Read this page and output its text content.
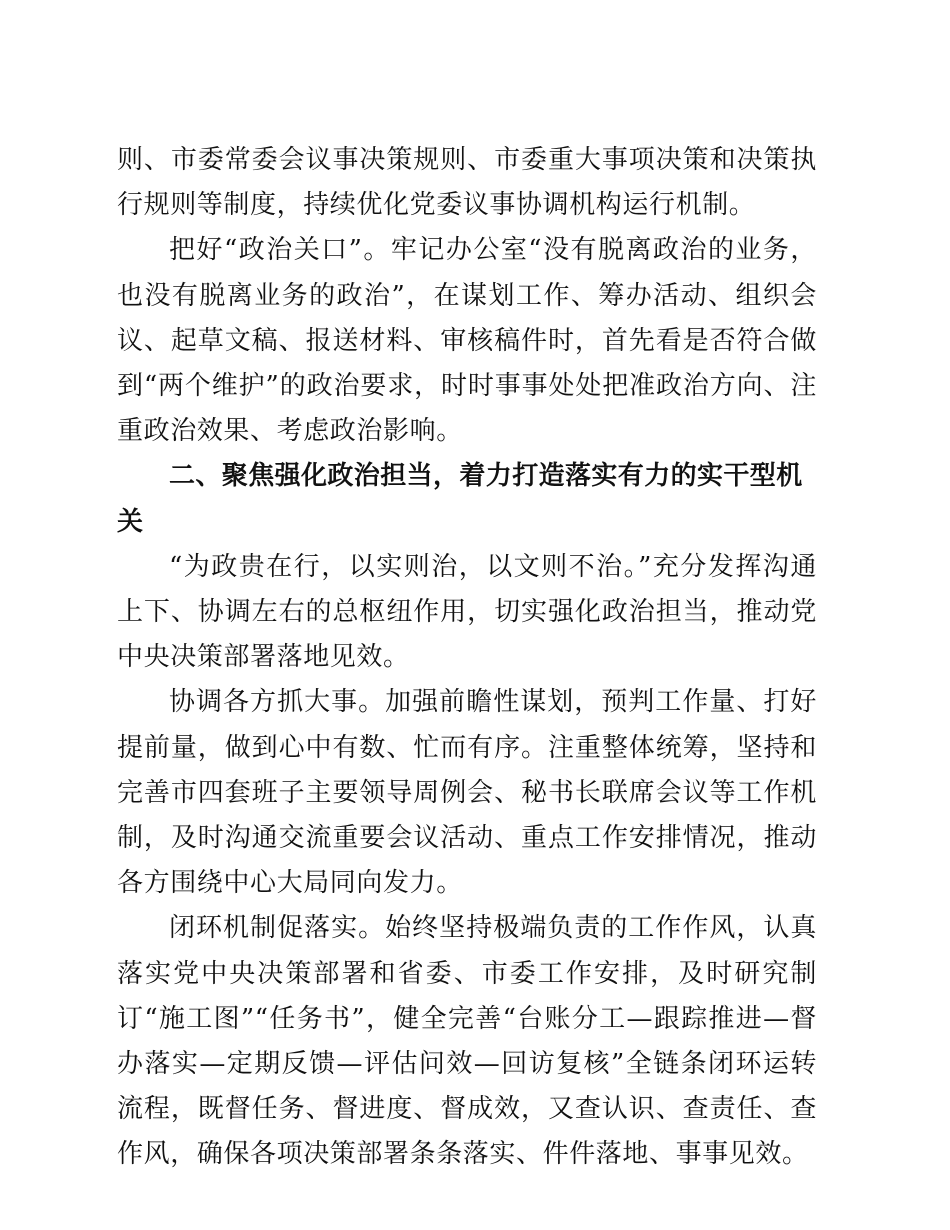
则、市委常委会议事决策规则、市委重大事项决策和决策执行规则等制度，持续优化党委议事协调机构运行机制。

把好“政治关口”。牢记办公室“没有脱离政治的业务，也没有脱离业务的政治”，在谋划工作、筹办活动、组织会议、起草文稿、报送材料、审核稿件时，首先看是否符合做到“两个维护”的政治要求，时时事事处处把准政治方向、注重政治效果、考虑政治影响。

二、聚焦强化政治担当，着力打造落实有力的实干型机关

“为政贵在行，以实则治，以文则不治。”充分发挥沟通上下、协调左右的总枢纽作用，切实强化政治担当，推动党中央决策部署落地见效。

协调各方抓大事。加强前瞻性谋划，预判工作量、打好提前量，做到心中有数、忙而有序。注重整体统筹，坚持和完善市四套班子主要领导周例会、秘书长联席会议等工作机制，及时沟通交流重要会议活动、重点工作安排情况，推动各方围绕中心大局同向发力。

闭环机制促落实。始终坚持极端负责的工作作风，认真落实党中央决策部署和省委、市委工作安排，及时研究制订“施工图”“任务书”，健全完善“台账分工—跟踪推进—督办落实—定期反馈—评估问效—回访复核”全链条闭环运转流程，既督任务、督进度、督成效，又查认识、查责任、查作风，确保各项决策部署条条落实、件件落地、事事见效。
